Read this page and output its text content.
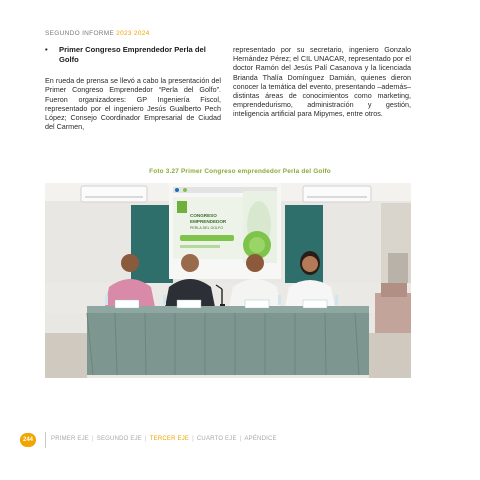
SEGUNDO INFORME 2023 2024
•	Primer Congreso Emprendedor Perla del Golfo
En rueda de prensa se llevó a cabo la presentación del Primer Congreso Emprendedor “Perla del Golfo”. Fueron organizadores: GP Ingeniería Fiscol, representado por el ingeniero Jesús Gualberto Pech López; Consejo Coordinador Empresarial de Ciudad del Carmen,
representado por su secretario, ingeniero Gonzalo Hernández Pérez; el CIL UNACAR, representado por el doctor Ramón del Jesús Palí Casanova y la licenciada Brianda Thalía Domínguez Damián, quienes dieron conocer la temática del evento, presentando –además– distintas áreas de conocimientos como marketing, emprendedurismo, administración y gestión, inteligencia artificial para Mipymes, entre otros.
Foto 3.27 Primer Congreso emprendedor Perla del Golfo
CONGRESO
EMPRENDEDOR
PERLA DEL GOLFO
244	PRIMER EJE | SEGUNDO EJE | TERCER EJE | CUARTO EJE | APÉNDICE
